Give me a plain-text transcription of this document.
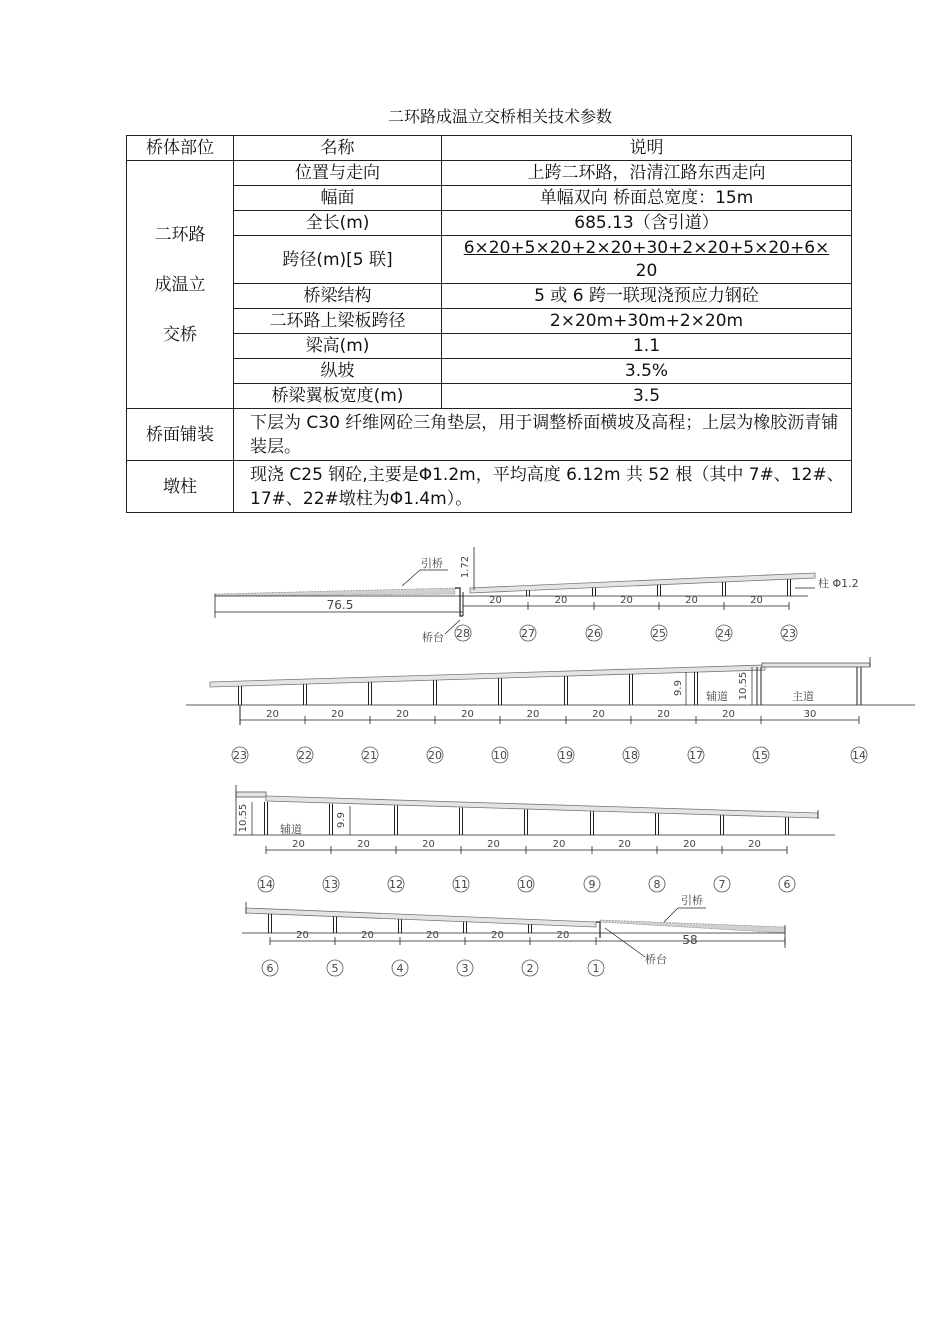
二环路成温立交桥相关技术参数
桥体部位	名称	说明

二环路
成温立
交桥	位置与走向	上跨二环路，沿清江路东西走向
	幅面	单幅双向 桥面总宽度：15m
	全长(m)	685.13（含引道）
	跨径(m)[5 联]	6×20+5×20+2×20+30+2×20+5×20+6×
20

	桥梁结构	5 或 6 跨一联现浇预应力钢砼
	二环路上梁板跨径	2×20m+30m+2×20m
	梁高(m)	1.1
	纵坡	3.5%
	桥梁翼板宽度(m)	3.5
桥面铺装	下层为 C30 纤维网砼三角垫层，用于调整桥面横坡及高程；上层为橡胶沥青铺装层。	
墩柱	现浇 C25 钢砼,主要是Φ1.2m，平均高度 6.12m 共 52 根（其中 7#、12#、17#、22#墩柱为Φ1.4m）。	
1.72
76.5	20	20	20	20	20
28	27	26	25	24	23
引桥
桥台
柱 Φ1.2
9.9	10.55
辅道	主道
20	20	20	20	20	20	20	20	30
23	22	21	20	10	19	18	17	15	14
10.55	9.9
辅道
20	20	20	20	20	20	20	20
14	13	12	11	10	9	8	7	6
20	20	20	20	20	58
6	5	4	3	2	1
引桥
桥台
